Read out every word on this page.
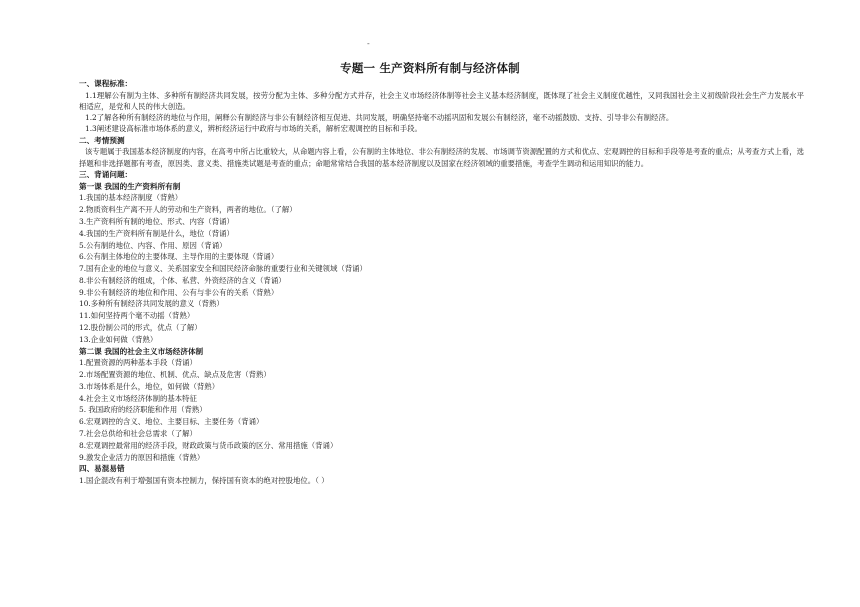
-
专题一 生产资料所有制与经济体制
一、课程标准：
1.1理解公有制为主体、多种所有制经济共同发展，按劳分配为主体、多种分配方式并存，社会主义市场经济体制等社会主义基本经济制度，既体现了社会主义制度优越性，又同我国社会主义初级阶段社会生产力发展水平相适应，是党和人民的伟大创造。
1.2了解各种所有制经济的地位与作用，阐释公有制经济与非公有制经济相互促进、共同发展，明确坚持毫不动摇巩固和发展公有制经济，毫不动摇鼓励、支持、引导非公有制经济。
1.3阐述建设高标准市场体系的意义，辨析经济运行中政府与市场的关系，解析宏观调控的目标和手段。
二、考情预测
该专题属于我国基本经济制度的内容，在高考中所占比重较大，从命题内容上看，公有制的主体地位、非公有制经济的发展、市场调节资源配置的方式和优点、宏观调控的目标和手段等是考查的重点；从考查方式上看，选择题和非选择题都有考查，原因类、意义类、措施类试题是考查的重点；命题常常结合我国的基本经济制度以及国家在经济领域的重要措施，考查学生调动和运用知识的能力。
三、背诵问题：
第一课 我国的生产资料所有制
1.我国的基本经济制度（背熟）
2.物质资料生产离不开人的劳动和生产资料，两者的地位。（了解）
3.生产资料所有制的地位、形式、内容（背诵）
4.我国的生产资料所有制是什么，地位（背诵）
5.公有制的地位、内容、作用、原因（背诵）
6.公有制主体地位的主要体现、主导作用的主要体现（背诵）
7.国有企业的地位与意义、关系国家安全和国民经济命脉的重要行业和关键领域（背诵）
8.非公有制经济的组成，个体、私营、外资经济的含义（背诵）
9.非公有制经济的地位和作用、公有与非公有的关系（背熟）
10.多种所有制经济共同发展的意义（背熟）
11.如何坚持两个毫不动摇（背熟）
12.股份制公司的形式，优点（了解）
13.企业如何做（背熟）
第二课 我国的社会主义市场经济体制
1.配置资源的两种基本手段（背诵）
2.市场配置资源的地位、机制、优点、缺点及危害（背熟）
3.市场体系是什么，地位，如何做（背熟）
4.社会主义市场经济体制的基本特征
5. 我国政府的经济职能和作用（背熟）
6.宏观调控的含义、地位、主要目标、主要任务（背诵）
7.社会总供给和社会总需求（了解）
8.宏观调控最常用的经济手段，财政政策与货币政策的区分、常用措施（背诵）
9.激发企业活力的原因和措施（背熟）
四、易混易错
1.国企混改有利于增强国有资本控制力，保持国有资本的绝对控股地位。（ ）
